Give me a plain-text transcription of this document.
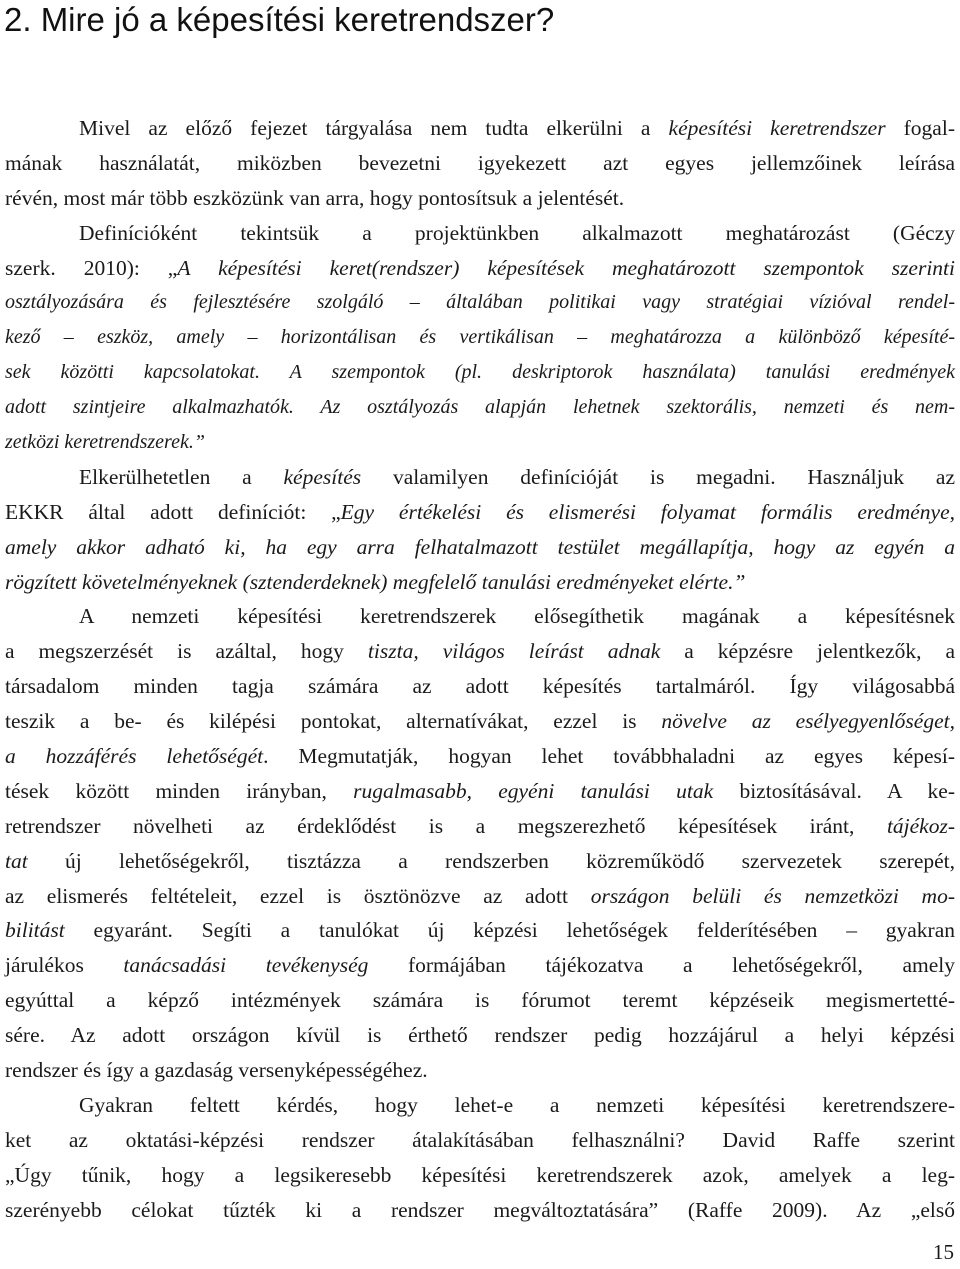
2. Mire jó a képesítési keretrendszer?
Mivel az előző fejezet tárgyalása nem tudta elkerülni a képesítési keretrendszer fogal-
mának használatát, miközben bevezetni igyekezett azt egyes jellemzőinek leírása
révén, most már több eszközünk van arra, hogy pontosítsuk a jelentését.
Definícióként tekintsük a projektünkben alkalmazott meghatározást (Géczy
szerk. 2010): „A képesítési keret(rendszer) képesítések meghatározott szempontok szerinti
osztályozására és fejlesztésére szolgáló – általában politikai vagy stratégiai vízióval rendel-
kező – eszköz, amely – horizontálisan és vertikálisan – meghatározza a különböző képesíté-
sek közötti kapcsolatokat. A szempontok (pl. deskriptorok használata) tanulási eredmények
adott szintjeire alkalmazhatók. Az osztályozás alapján lehetnek szektorális, nemzeti és nem-
zetközi keretrendszerek.”
Elkerülhetetlen a képesítés valamilyen definícióját is megadni. Használjuk az
EKKR által adott definíciót: „Egy értékelési és elismerési folyamat formális eredménye,
amely akkor adható ki, ha egy arra felhatalmazott testület megállapítja, hogy az egyén a
rögzített követelményeknek (sztenderdeknek) megfelelő tanulási eredményeket elérte.”
A nemzeti képesítési keretrendszerek elősegíthetik magának a képesítésnek
a megszerzését is azáltal, hogy tiszta, világos leírást adnak a képzésre jelentkezők, a
társadalom minden tagja számára az adott képesítés tartalmáról. Így világosabbá
teszik a be- és kilépési pontokat, alternatívákat, ezzel is növelve az esélyegyenlőséget,
a hozzáférés lehetőségét. Megmutatják, hogyan lehet továbbhaladni az egyes képesí-
tések között minden irányban, rugalmasabb, egyéni tanulási utak biztosításával. A ke-
retrendszer növelheti az érdeklődést is a megszerezhető képesítések iránt, tájékoz-
tat új lehetőségekről, tisztázza a rendszerben közreműködő szervezetek szerepét,
az elismerés feltételeit, ezzel is ösztönözve az adott országon belüli és nemzetközi mo-
bilitást egyaránt. Segíti a tanulókat új képzési lehetőségek felderítésében – gyakran
járulékos tanácsadási tevékenység formájában tájékozatva a lehetőségekről, amely
egyúttal a képző intézmények számára is fórumot teremt képzéseik megismertetté-
sére. Az adott országon kívül is érthető rendszer pedig hozzájárul a helyi képzési
rendszer és így a gazdaság versenyképességéhez.
Gyakran feltett kérdés, hogy lehet-e a nemzeti képesítési keretrendszere-
ket az oktatási-képzési rendszer átalakításában felhasználni? David Raffe szerint
„Úgy tűnik, hogy a legsikeresebb képesítési keretrendszerek azok, amelyek a leg-
szerényebb célokat tűzték ki a rendszer megváltoztatására” (Raffe 2009). Az „első
15
